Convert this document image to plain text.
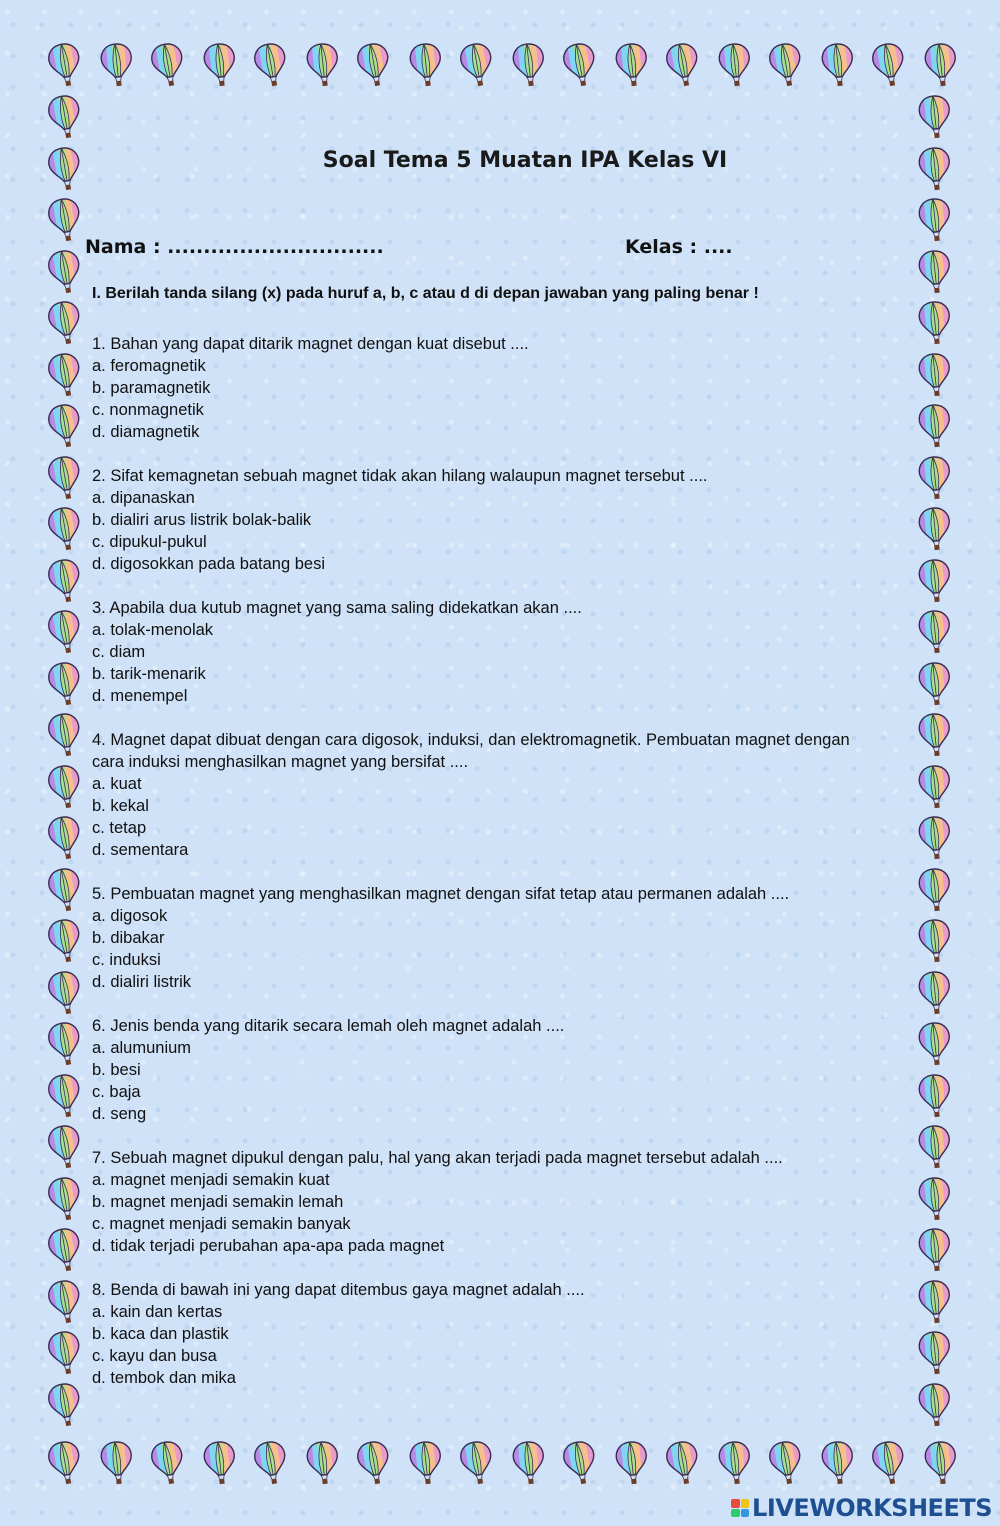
Soal Tema 5 Muatan IPA Kelas VI
Nama : ..............................	Kelas : ....
I. Berilah tanda silang (x) pada huruf a, b, c atau d di depan jawaban yang paling benar !
1. Bahan yang dapat ditarik magnet dengan kuat disebut ....
a. feromagnetik
b. paramagnetik
c. nonmagnetik
d. diamagnetik
2. Sifat kemagnetan sebuah magnet tidak akan hilang walaupun magnet tersebut ....
a. dipanaskan
b. dialiri arus listrik bolak-balik
c. dipukul-pukul
d. digosokkan pada batang besi
3. Apabila dua kutub magnet yang sama saling didekatkan akan ....
a. tolak-menolak
c. diam
b. tarik-menarik
d. menempel
4. Magnet dapat dibuat dengan cara digosok, induksi, dan elektromagnetik. Pembuatan magnet dengan cara induksi menghasilkan magnet yang bersifat ....
a. kuat
b. kekal
c. tetap
d. sementara
5. Pembuatan magnet yang menghasilkan magnet dengan sifat tetap atau permanen adalah ....
a. digosok
b. dibakar
c. induksi
d. dialiri listrik
6. Jenis benda yang ditarik secara lemah oleh magnet adalah ....
a. alumunium
b. besi
c. baja
d. seng
7. Sebuah magnet dipukul dengan palu, hal yang akan terjadi pada magnet tersebut adalah ....
a. magnet menjadi semakin kuat
b. magnet menjadi semakin lemah
c. magnet menjadi semakin banyak
d. tidak terjadi perubahan apa-apa pada magnet
8. Benda di bawah ini yang dapat ditembus gaya magnet adalah ....
a. kain dan kertas
b. kaca dan plastik
c. kayu dan busa
d. tembok dan mika
LIVEWORKSHEETS
